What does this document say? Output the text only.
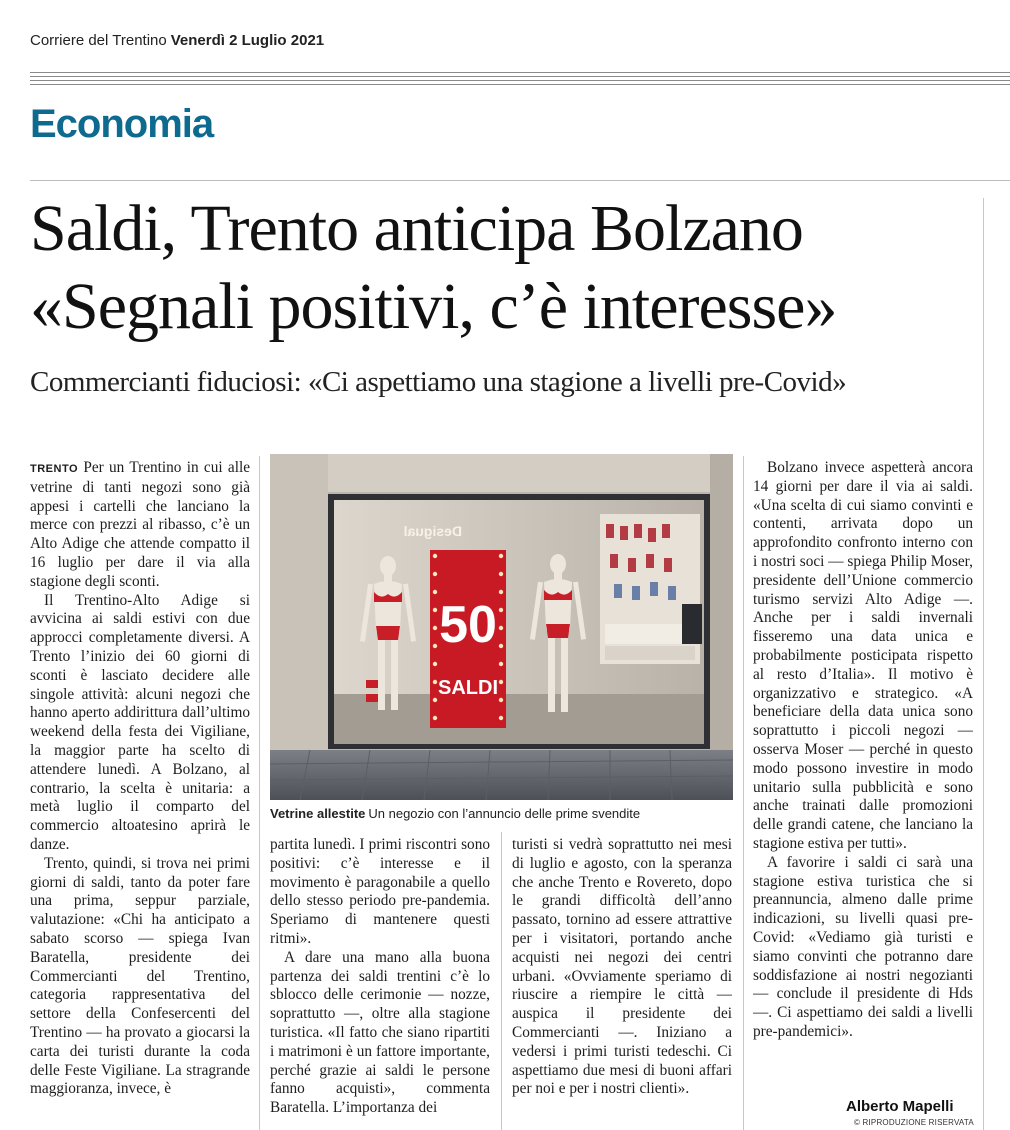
Corriere del Trentino Venerdì 2 Luglio 2021
Economia
Saldi, Trento anticipa Bolzano
«Segnali positivi, c’è interesse»
Commercianti fiduciosi: «Ci aspettiamo una stagione a livelli pre-Covid»

TRENTO Per un Trentino in cui alle vetrine di tanti negozi sono già appesi i cartelli che lanciano la merce con prezzi al ribasso, c’è un Alto Adige che attende compatto il 16 luglio per dare il via alla stagione degli sconti.

Il Trentino-Alto Adige si avvicina ai saldi estivi con due approcci completamente diversi. A Trento l’inizio dei 60 giorni di sconti è lasciato decidere alle singole attività: alcuni negozi che hanno aperto addirittura dall’ultimo weekend della festa dei Vigiliane, la maggior parte ha scelto di attendere lunedì. A Bolzano, al contrario, la scelta è unitaria: a metà luglio il comparto del commercio altoatesino aprirà le danze.

Trento, quindi, si trova nei primi giorni di saldi, tanto da poter fare una prima, seppur parziale, valutazione: «Chi ha anticipato a sabato scorso — spiega Ivan Baratella, presidente dei Commercianti del Trentino, categoria rappresentativa del settore della Confesercenti del Trentino — ha provato a giocarsi la carta dei turisti durante la coda delle Feste Vigiliane. La stragrande maggioranza, invece, è

Desigual
50
SALDI
Vetrine allestite Un negozio con l’annuncio delle prime svendite

partita lunedì. I primi riscontri sono positivi: c’è interesse e il movimento è paragonabile a quello dello stesso periodo pre-pandemia. Speriamo di mantenere questi ritmi».

A dare una mano alla buona partenza dei saldi trentini c’è lo sblocco delle cerimonie — nozze, soprattutto —, oltre alla stagione turistica. «Il fatto che siano ripartiti i matrimoni è un fattore importante, perché grazie ai saldi le persone fanno acquisti», commenta Baratella. L’importanza dei

turisti si vedrà soprattutto nei mesi di luglio e agosto, con la speranza che anche Trento e Rovereto, dopo le grandi difficoltà dell’anno passato, tornino ad essere attrattive per i visitatori, portando anche acquisti nei negozi dei centri urbani. «Ovviamente speriamo di riuscire a riempire le città — auspica il presidente dei Commercianti —. Iniziano a vedersi i primi turisti tedeschi. Ci aspettiamo due mesi di buoni affari per noi e per i nostri clienti».

Bolzano invece aspetterà ancora 14 giorni per dare il via ai saldi. «Una scelta di cui siamo convinti e contenti, arrivata dopo un approfondito confronto interno con i nostri soci — spiega Philip Moser, presidente dell’Unione commercio turismo servizi Alto Adige —. Anche per i saldi invernali fisseremo una data unica e probabilmente posticipata rispetto al resto d’Italia». Il motivo è organizzativo e strategico. «A beneficiare della data unica sono soprattutto i piccoli negozi — osserva Moser — perché in questo modo possono investire in modo unitario sulla pubblicità e sono anche trainati dalle promozioni delle grandi catene, che lanciano la stagione estiva per tutti».

A favorire i saldi ci sarà una stagione estiva turistica che si preannuncia, almeno dalle prime indicazioni, su livelli quasi pre-Covid: «Vediamo già turisti e siamo convinti che potranno dare soddisfazione ai nostri negozianti — conclude il presidente di Hds —. Ci aspettiamo dei saldi a livelli pre-pandemici».

Alberto Mapelli
© RIPRODUZIONE RISERVATA
